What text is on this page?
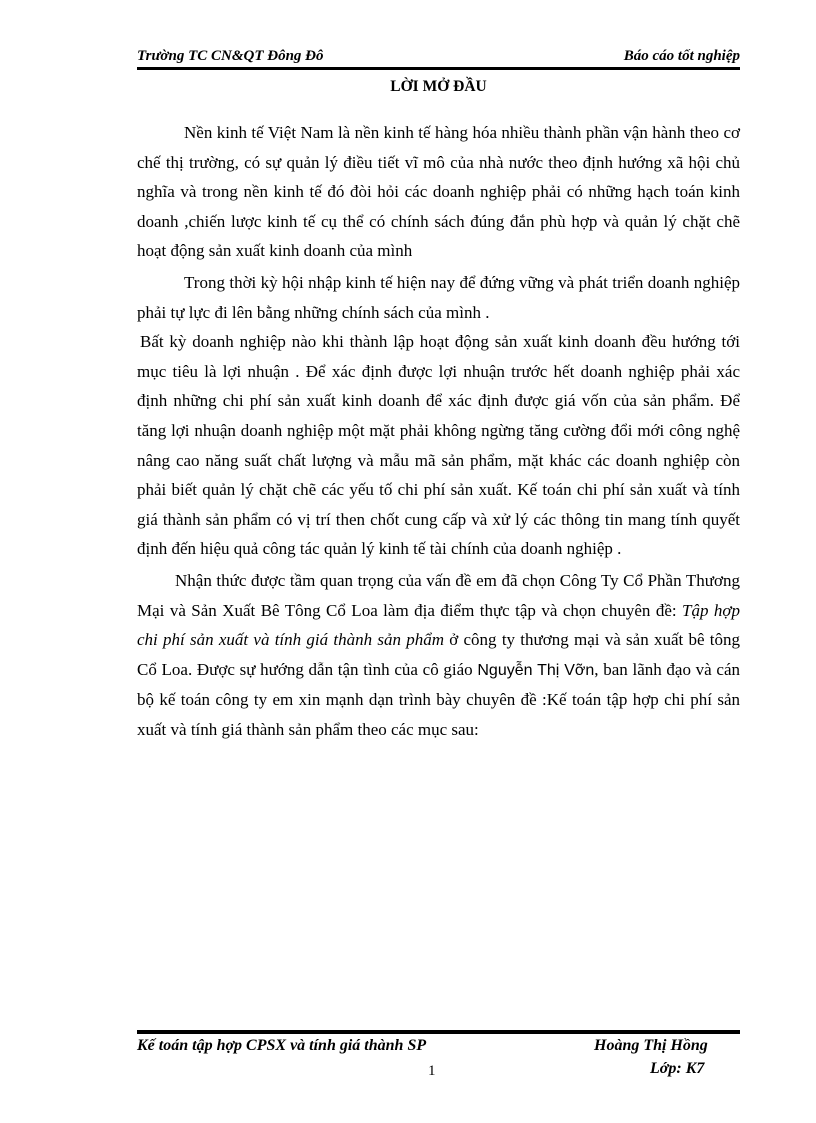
Trường TC CN&QT Đông Đô	Báo cáo tốt nghiệp
LỜI MỞ ĐẦU

Nền kinh tế Việt Nam là nền kinh tế hàng hóa nhiều thành phần vận hành theo cơ chế thị trường, có sự quản lý điều tiết vĩ mô của nhà nước theo định hướng xã hội chủ nghĩa và trong nền kinh tế đó đòi hỏi các doanh nghiệp phải có những hạch toán kinh doanh ,chiến lược kinh tế cụ thể có chính sách đúng đắn phù hợp và quản lý chặt chẽ hoạt động sản xuất kinh doanh của mình

Trong thời kỳ hội nhập kinh tế hiện nay để đứng vững và phát triển doanh nghiệp phải tự lực đi lên bằng những chính sách của mình .

Bất kỳ doanh nghiệp nào khi thành lập hoạt động sản xuất kinh doanh đều hướng tới mục tiêu là lợi nhuận . Để xác định được lợi nhuận trước hết doanh nghiệp phải xác định những chi phí sản xuất kinh doanh để xác định được giá vốn của sản phẩm. Để tăng lợi nhuận doanh nghiệp một mặt phải không ngừng tăng cường đổi mới công nghệ nâng cao năng suất chất lượng và mẫu mã sản phẩm, mặt khác các doanh nghiệp còn phải biết quản lý chặt chẽ các yếu tố chi phí sản xuất. Kế toán chi phí sản xuất và tính giá thành sản phẩm có vị trí then chốt cung cấp và xử lý các thông tin mang tính quyết định đến hiệu quả công tác quản lý kinh tế tài chính của doanh nghiệp .

Nhận thức được tầm quan trọng của vấn đề em đã chọn Công Ty Cổ Phần Thương Mại và Sản Xuất Bê Tông Cổ Loa làm địa điểm thực tập và chọn chuyên đề: Tập hợp chi phí sản xuất và tính giá thành sản phẩm ở công ty thương mại và sản xuất bê tông Cổ Loa. Được sự hướng dẫn tận tình của cô giáo Nguyễn Thị Vỡn, ban lãnh đạo và cán bộ kế toán công ty em xin mạnh dạn trình bày chuyên đề :Kế toán tập hợp chi phí sản xuất và tính giá thành sản phẩm theo các mục sau:

Kế toán tập hợp CPSX và tính giá thành SP	Hoàng Thị Hồng
1	Lớp: K7
